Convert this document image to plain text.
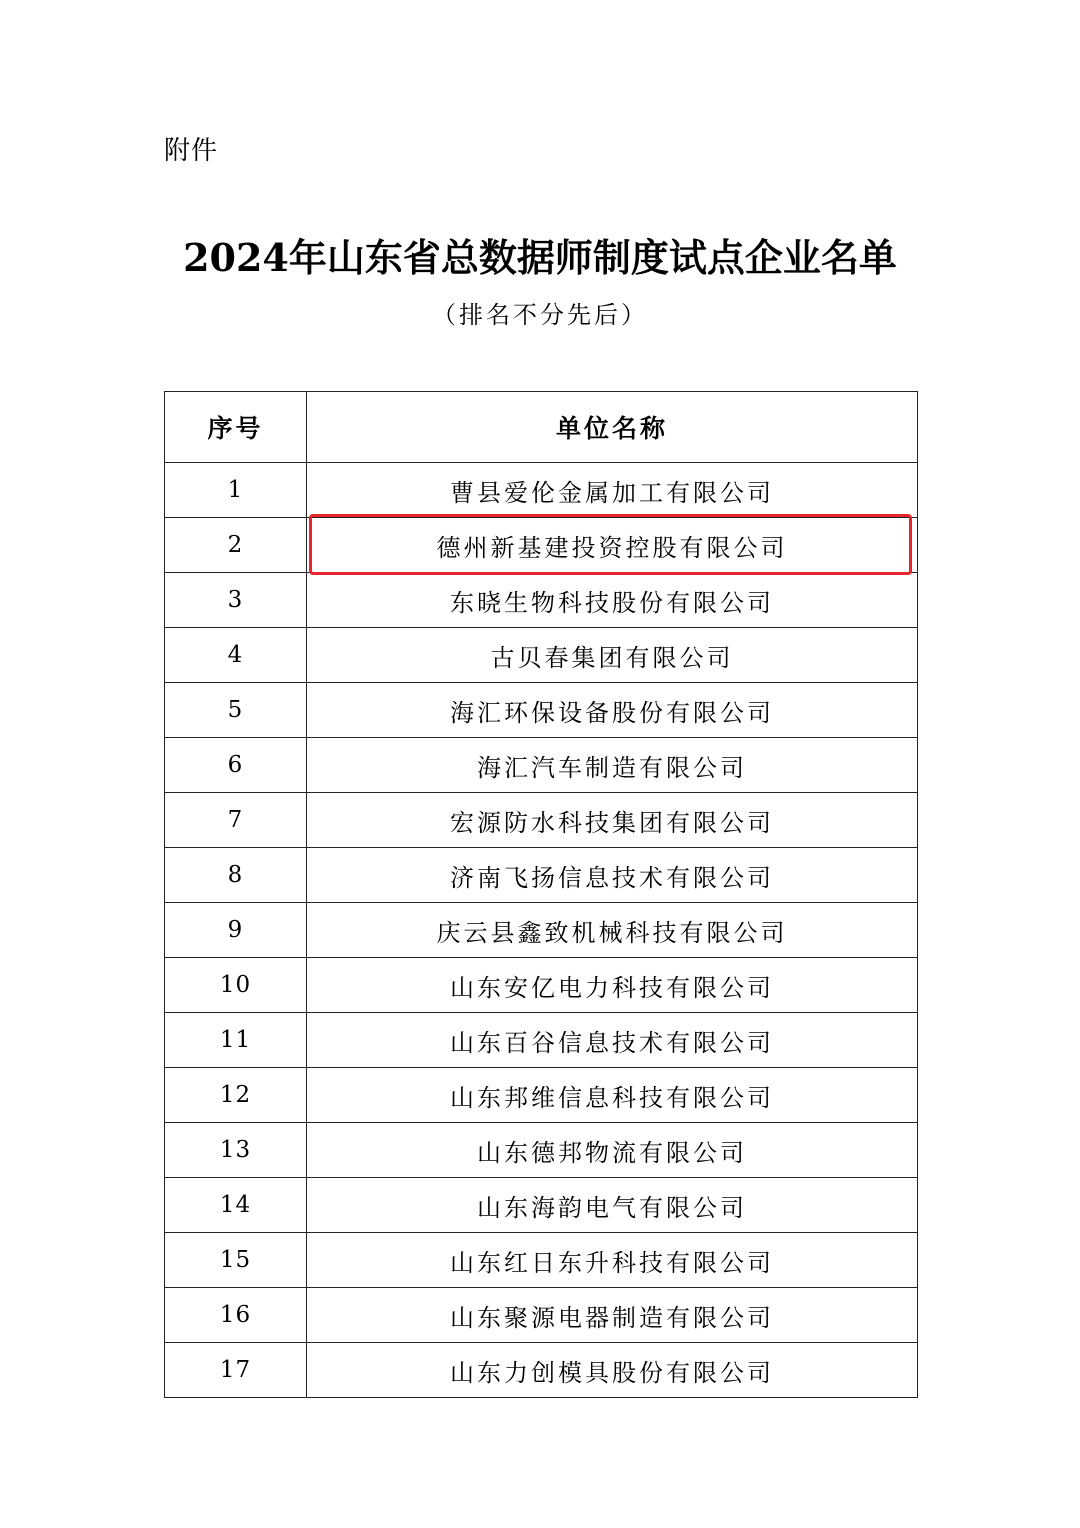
附件
2024年山东省总数据师制度试点企业名单
（排名不分先后）
序号	单位名称
1	曹县爱伦金属加工有限公司
2	德州新基建投资控股有限公司
3	东晓生物科技股份有限公司
4	古贝春集团有限公司
5	海汇环保设备股份有限公司
6	海汇汽车制造有限公司
7	宏源防水科技集团有限公司
8	济南飞扬信息技术有限公司
9	庆云县鑫致机械科技有限公司
10	山东安亿电力科技有限公司
11	山东百谷信息技术有限公司
12	山东邦维信息科技有限公司
13	山东德邦物流有限公司
14	山东海韵电气有限公司
15	山东红日东升科技有限公司
16	山东聚源电器制造有限公司
17	山东力创模具股份有限公司
